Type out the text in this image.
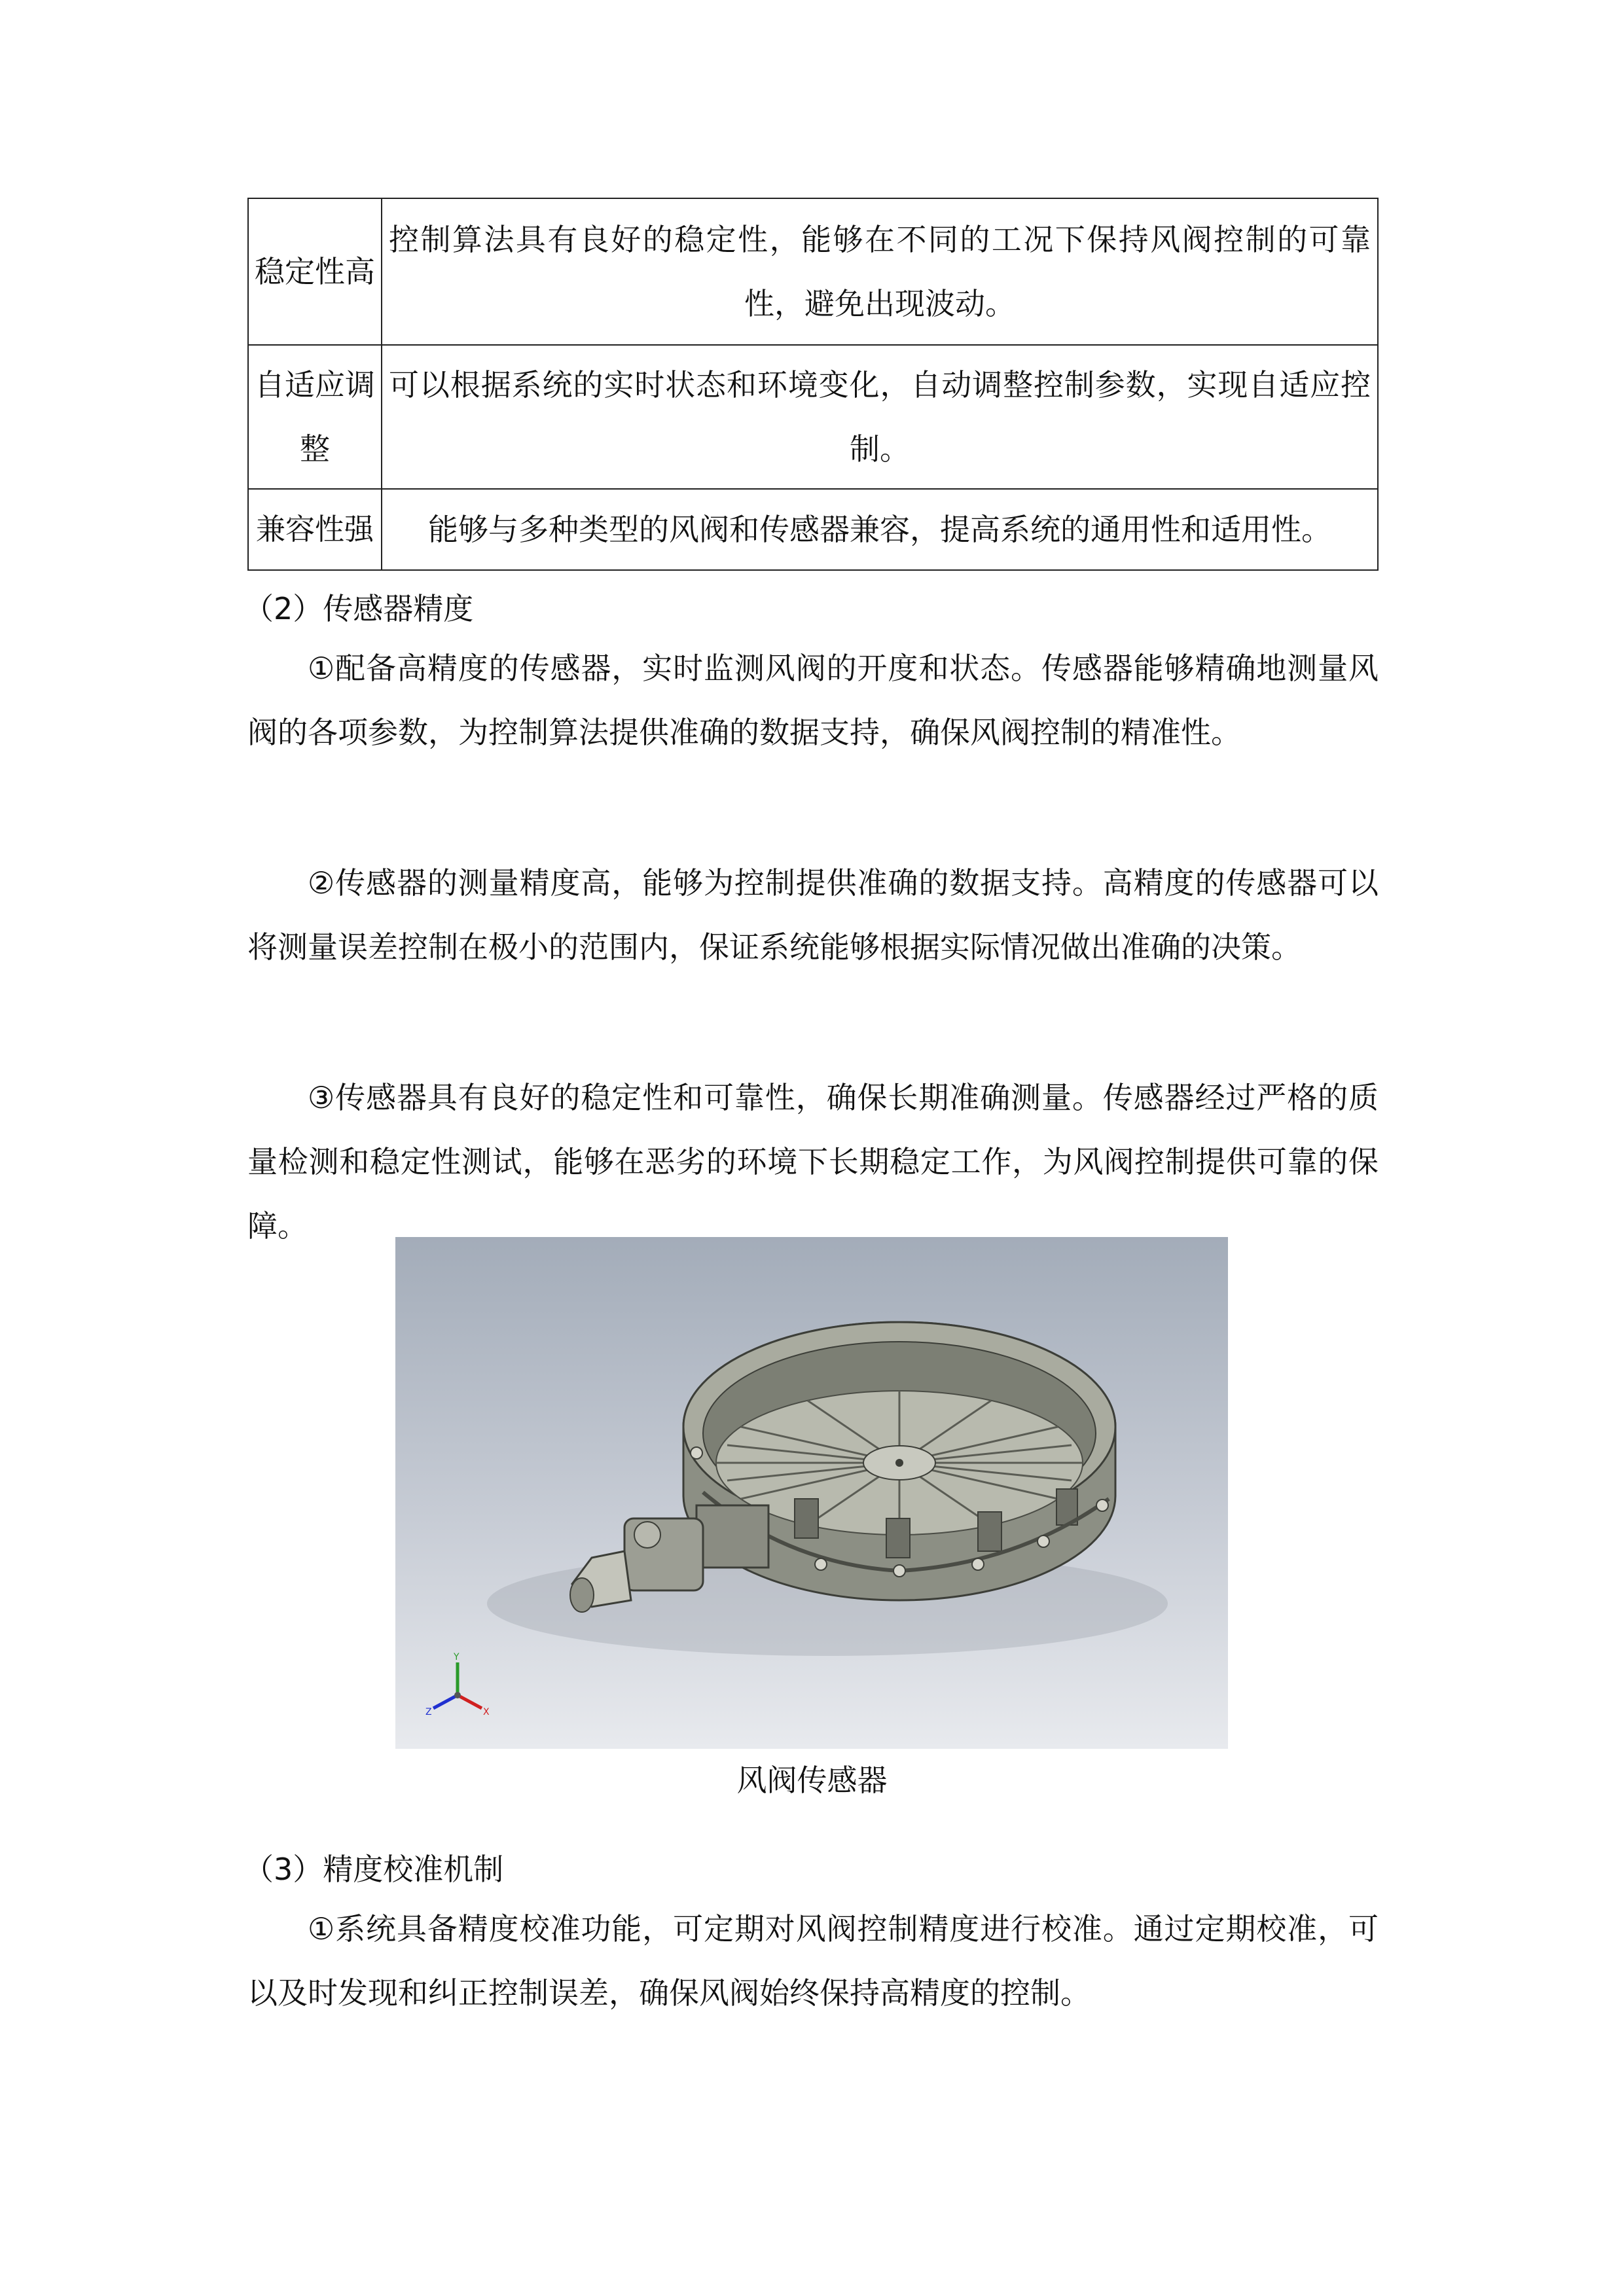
稳定性高	控制算法具有良好的稳定性，能够在不同的工况下保持风阀控制的可靠性，避免出现波动。
自适应调整	可以根据系统的实时状态和环境变化，自动调整控制参数，实现自适应控制。
兼容性强	能够与多种类型的风阀和传感器兼容，提高系统的通用性和适用性。
（2）传感器精度

①配备高精度的传感器，实时监测风阀的开度和状态。传感器能够精确地测量风阀的各项参数，为控制算法提供准确的数据支持，确保风阀控制的精准性。

②传感器的测量精度高，能够为控制提供准确的数据支持。高精度的传感器可以将测量误差控制在极小的范围内，保证系统能够根据实际情况做出准确的决策。

③传感器具有良好的稳定性和可靠性，确保长期准确测量。传感器经过严格的质量检测和稳定性测试，能够在恶劣的环境下长期稳定工作，为风阀控制提供可靠的保障。

Y
X
Z
风阀传感器
（3）精度校准机制

①系统具备精度校准功能，可定期对风阀控制精度进行校准。通过定期校准，可以及时发现和纠正控制误差，确保风阀始终保持高精度的控制。
